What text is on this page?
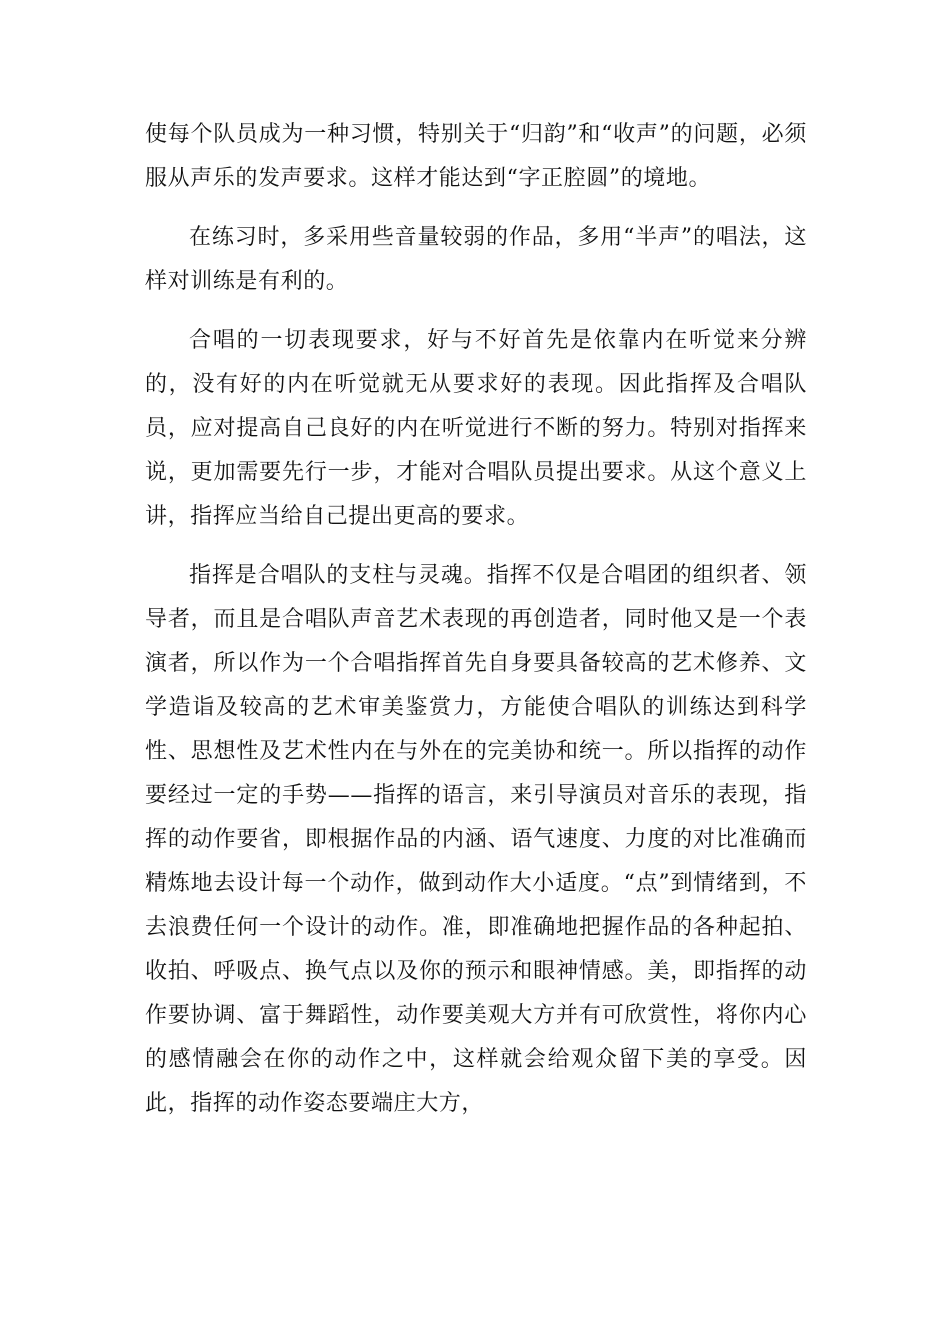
使每个队员成为一种习惯，特别关于“归韵”和“收声”的问题，必须服从声乐的发声要求。这样才能达到“字正腔圆”的境地。

在练习时，多采用些音量较弱的作品，多用“半声”的唱法，这样对训练是有利的。

合唱的一切表现要求，好与不好首先是依靠内在听觉来分辨的，没有好的内在听觉就无从要求好的表现。因此指挥及合唱队员，应对提高自己良好的内在听觉进行不断的努力。特别对指挥来说，更加需要先行一步，才能对合唱队员提出要求。从这个意义上讲，指挥应当给自己提出更高的要求。

指挥是合唱队的支柱与灵魂。指挥不仅是合唱团的组织者、领导者，而且是合唱队声音艺术表现的再创造者，同时他又是一个表演者，所以作为一个合唱指挥首先自身要具备较高的艺术修养、文学造诣及较高的艺术审美鉴赏力，方能使合唱队的训练达到科学性、思想性及艺术性内在与外在的完美协和统一。所以指挥的动作要经过一定的手势——指挥的语言，来引导演员对音乐的表现，指挥的动作要省，即根据作品的内涵、语气速度、力度的对比准确而精炼地去设计每一个动作，做到动作大小适度。“点”到情绪到，不去浪费任何一个设计的动作。准，即准确地把握作品的各种起拍、收拍、呼吸点、换气点以及你的预示和眼神情感。美，即指挥的动作要协调、富于舞蹈性，动作要美观大方并有可欣赏性，将你内心的感情融会在你的动作之中，这样就会给观众留下美的享受。因此，指挥的动作姿态要端庄大方，
